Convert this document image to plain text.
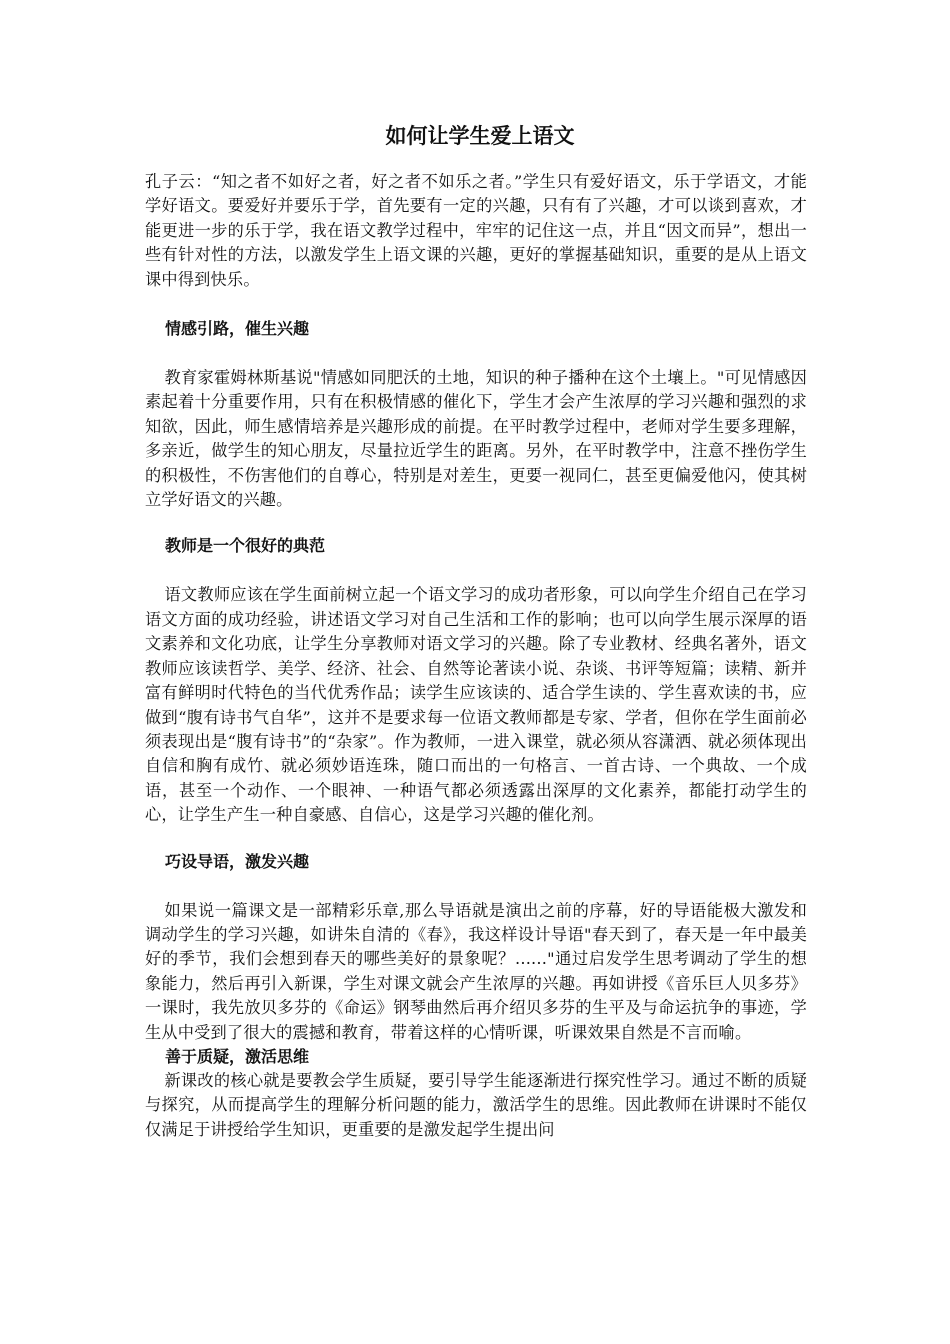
如何让学生爱上语文

孔子云：“知之者不如好之者，好之者不如乐之者。”学生只有爱好语文，乐于学语文，才能学好语文。要爱好并要乐于学，首先要有一定的兴趣，只有有了兴趣，才可以谈到喜欢，才能更进一步的乐于学，我在语文教学过程中，牢牢的记住这一点，并且“因文而异”，想出一些有针对性的方法，以激发学生上语文课的兴趣，更好的掌握基础知识，重要的是从上语文课中得到快乐。

情感引路，催生兴趣

教育家霍姆林斯基说"情感如同肥沃的土地，知识的种子播种在这个土壤上。"可见情感因素起着十分重要作用，只有在积极情感的催化下，学生才会产生浓厚的学习兴趣和强烈的求知欲，因此，师生感情培养是兴趣形成的前提。在平时教学过程中，老师对学生要多理解，多亲近，做学生的知心朋友，尽量拉近学生的距离。另外，在平时教学中，注意不挫伤学生的积极性，不伤害他们的自尊心，特别是对差生，更要一视同仁，甚至更偏爱他闪，使其树立学好语文的兴趣。

教师是一个很好的典范

语文教师应该在学生面前树立起一个语文学习的成功者形象，可以向学生介绍自己在学习语文方面的成功经验，讲述语文学习对自己生活和工作的影响；也可以向学生展示深厚的语文素养和文化功底，让学生分享教师对语文学习的兴趣。除了专业教材、经典名著外，语文教师应该读哲学、美学、经济、社会、自然等论著读小说、杂谈、书评等短篇；读精、新并富有鲜明时代特色的当代优秀作品；读学生应该读的、适合学生读的、学生喜欢读的书，应做到“腹有诗书气自华”，这并不是要求每一位语文教师都是专家、学者，但你在学生面前必须表现出是“腹有诗书”的“杂家”。作为教师，一进入课堂，就必须从容潇洒、就必须体现出自信和胸有成竹、就必须妙语连珠，随口而出的一句格言、一首古诗、一个典故、一个成语，甚至一个动作、一个眼神、一种语气都必须透露出深厚的文化素养，都能打动学生的心，让学生产生一种自豪感、自信心，这是学习兴趣的催化剂。

巧设导语，激发兴趣

如果说一篇课文是一部精彩乐章,那么导语就是演出之前的序幕，好的导语能极大激发和调动学生的学习兴趣，如讲朱自清的《春》，我这样设计导语"春天到了，春天是一年中最美好的季节，我们会想到春天的哪些美好的景象呢？......"通过启发学生思考调动了学生的想象能力，然后再引入新课，学生对课文就会产生浓厚的兴趣。再如讲授《音乐巨人贝多芬》一课时，我先放贝多芬的《命运》钢琴曲然后再介绍贝多芬的生平及与命运抗争的事迹，学生从中受到了很大的震撼和教育，带着这样的心情听课，听课效果自然是不言而喻。

善于质疑，激活思维

新课改的核心就是要教会学生质疑，要引导学生能逐渐进行探究性学习。通过不断的质疑与探究，从而提高学生的理解分析问题的能力，激活学生的思维。因此教师在讲课时不能仅仅满足于讲授给学生知识，更重要的是激发起学生提出问
